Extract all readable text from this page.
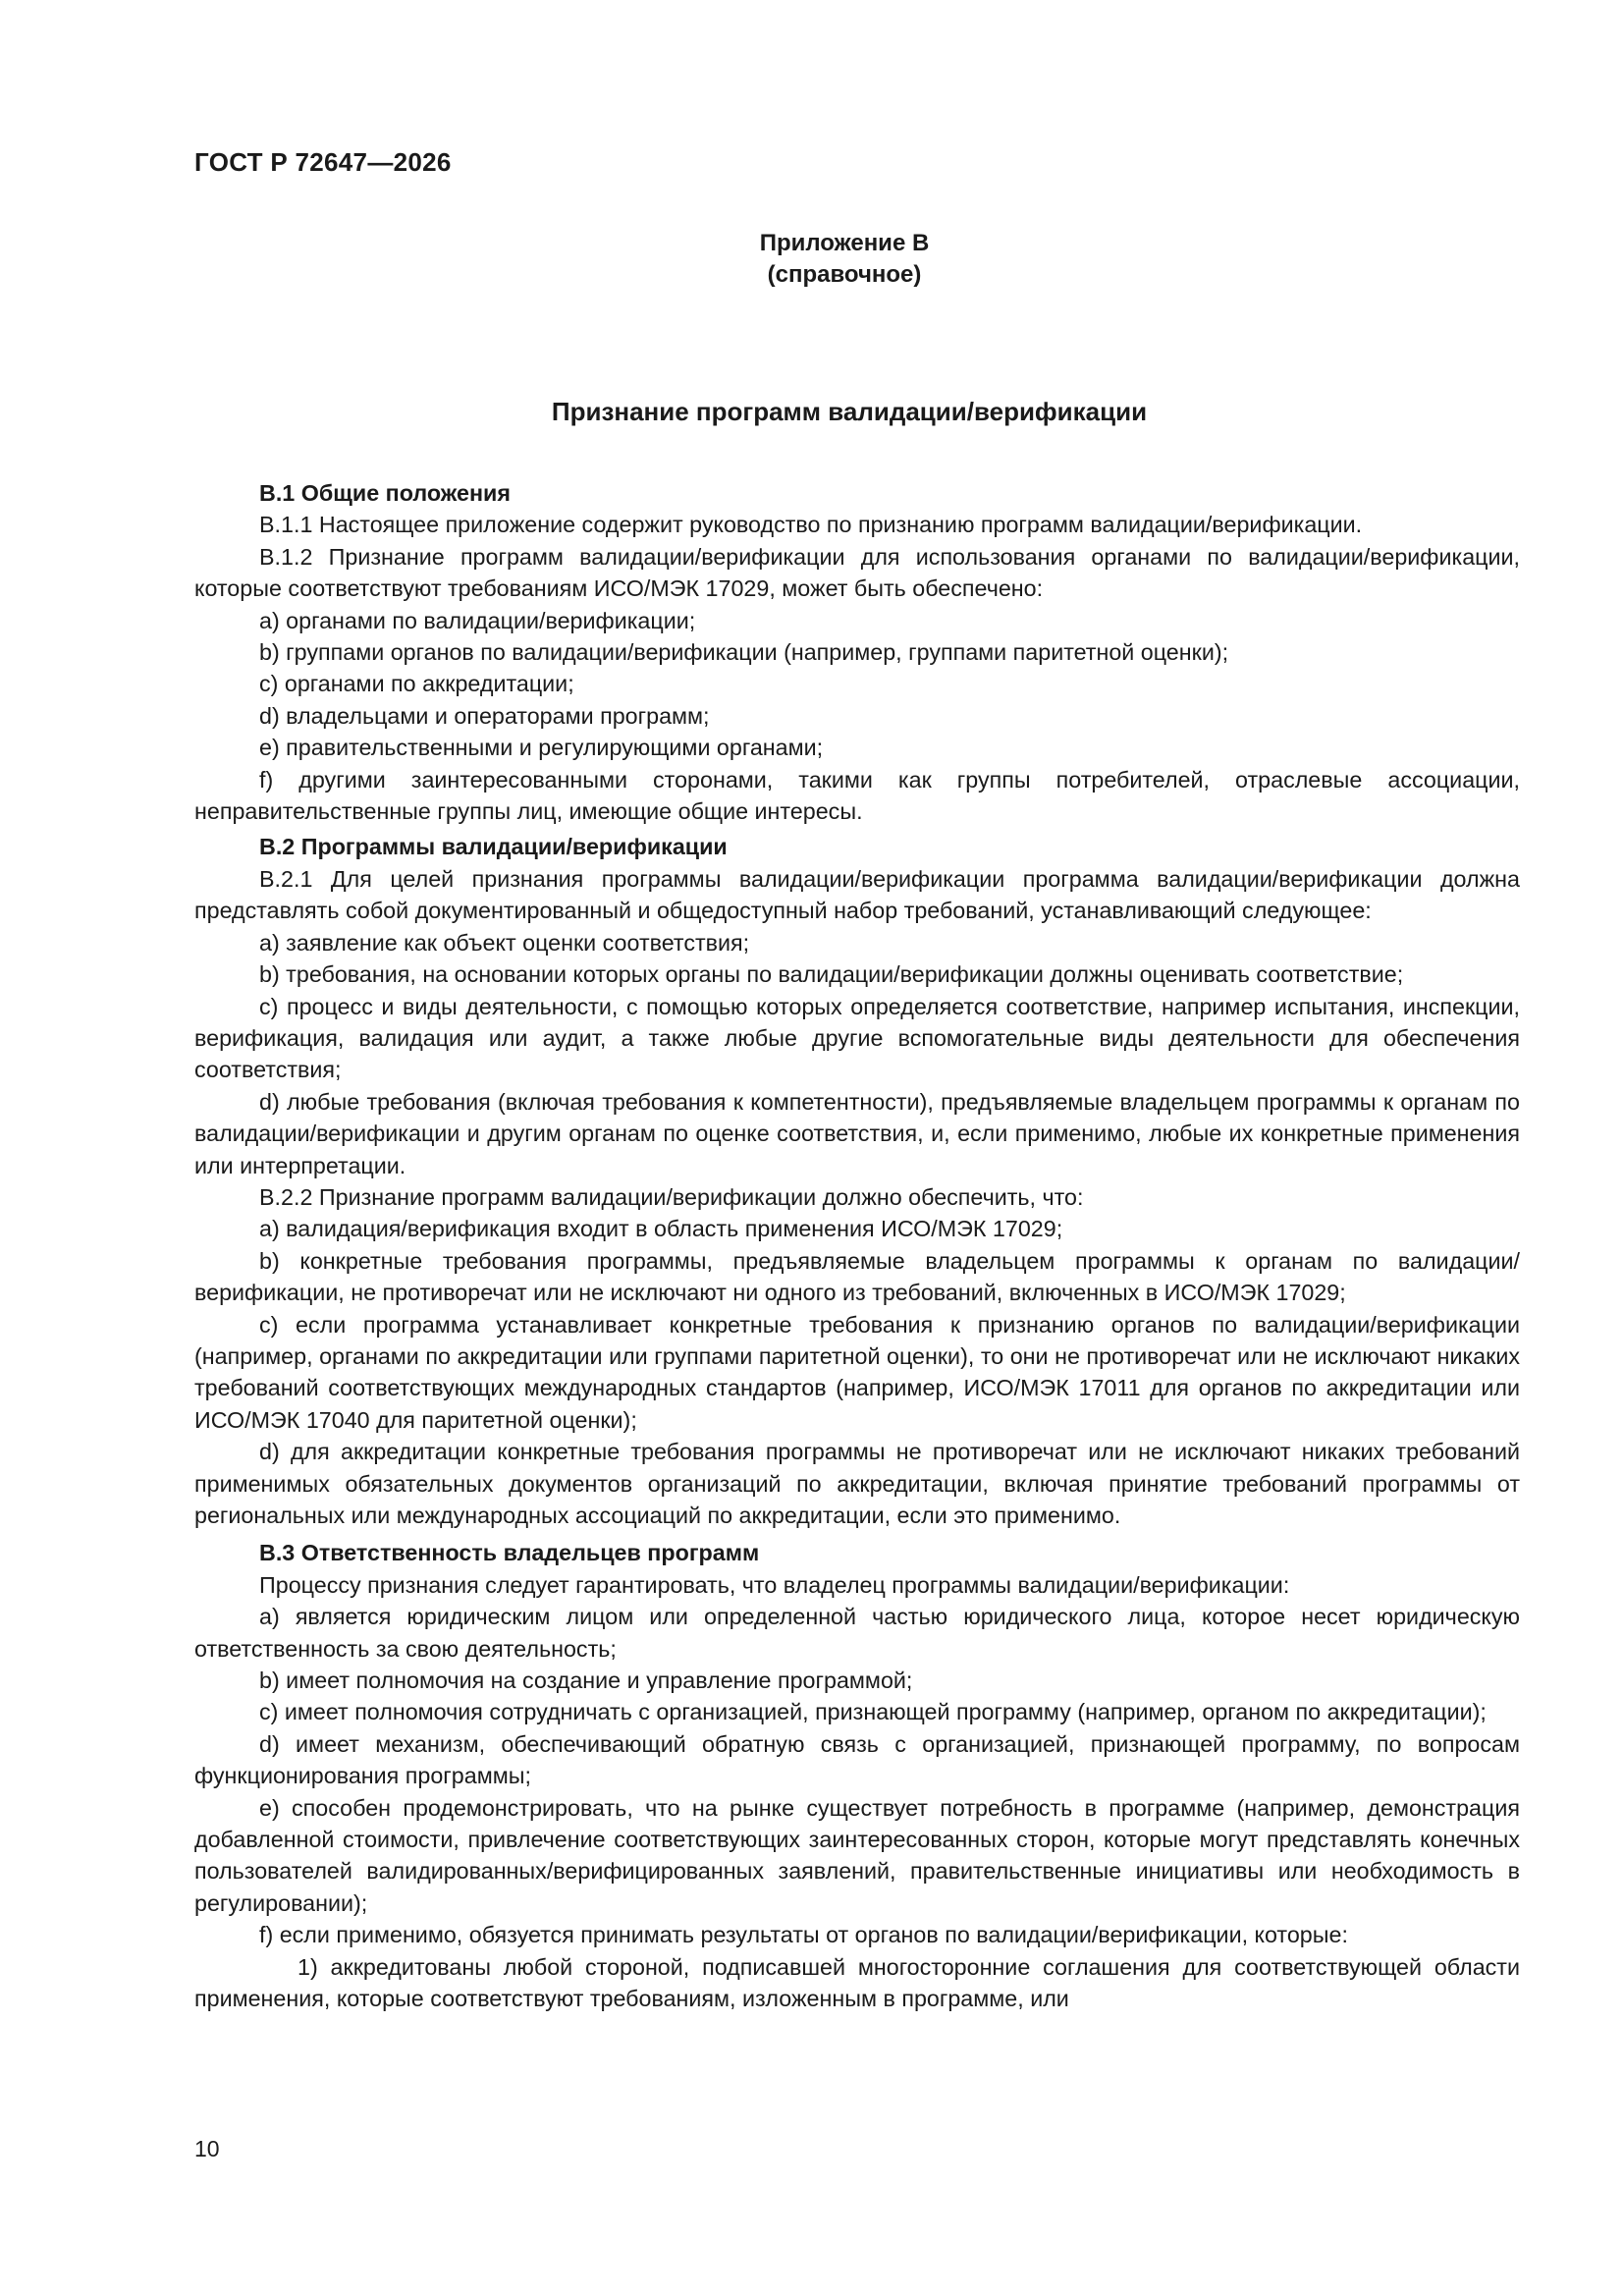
ГОСТ Р 72647—2026
Приложение В
(справочное)
Признание программ валидации/верификации
В.1 Общие положения

В.1.1 Настоящее приложение содержит руководство по признанию программ валидации/верификации.

В.1.2 Признание программ валидации/верификации для использования органами по валидации/верификации, которые соответствуют требованиям ИСО/МЭК 17029, может быть обеспечено:

a) органами по валидации/верификации;

b) группами органов по валидации/верификации (например, группами паритетной оценки);

c) органами по аккредитации;

d) владельцами и операторами программ;

e) правительственными и регулирующими органами;

f) другими заинтересованными сторонами, такими как группы потребителей, отраслевые ассоциации, неправительственные группы лиц, имеющие общие интересы.

В.2 Программы валидации/верификации

В.2.1 Для целей признания программы валидации/верификации программа валидации/верификации должна представлять собой документированный и общедоступный набор требований, устанавливающий следующее:

a) заявление как объект оценки соответствия;

b) требования, на основании которых органы по валидации/верификации должны оценивать соответствие;

c) процесс и виды деятельности, с помощью которых определяется соответствие, например испытания, инспекции, верификация, валидация или аудит, а также любые другие вспомогательные виды деятельности для обеспечения соответствия;

d) любые требования (включая требования к компетентности), предъявляемые владельцем программы к органам по валидации/верификации и другим органам по оценке соответствия, и, если применимо, любые их конкретные применения или интерпретации.

В.2.2 Признание программ валидации/верификации должно обеспечить, что:

a) валидация/верификация входит в область применения ИСО/МЭК 17029;

b) конкретные требования программы, предъявляемые владельцем программы к органам по валидации/верификации, не противоречат или не исключают ни одного из требований, включенных в ИСО/МЭК 17029;

c) если программа устанавливает конкретные требования к признанию органов по валидации/верификации (например, органами по аккредитации или группами паритетной оценки), то они не противоречат или не исключают никаких требований соответствующих международных стандартов (например, ИСО/МЭК 17011 для органов по аккредитации или ИСО/МЭК 17040 для паритетной оценки);

d) для аккредитации конкретные требования программы не противоречат или не исключают никаких требований применимых обязательных документов организаций по аккредитации, включая принятие требований программы от региональных или международных ассоциаций по аккредитации, если это применимо.

В.3 Ответственность владельцев программ

Процессу признания следует гарантировать, что владелец программы валидации/верификации:

a) является юридическим лицом или определенной частью юридического лица, которое несет юридическую ответственность за свою деятельность;

b) имеет полномочия на создание и управление программой;

c) имеет полномочия сотрудничать с организацией, признающей программу (например, органом по аккредитации);

d) имеет механизм, обеспечивающий обратную связь с организацией, признающей программу, по вопросам функционирования программы;

e) способен продемонстрировать, что на рынке существует потребность в программе (например, демонстрация добавленной стоимости, привлечение соответствующих заинтересованных сторон, которые могут представлять конечных пользователей валидированных/верифицированных заявлений, правительственные инициативы или необходимость в регулировании);

f) если применимо, обязуется принимать результаты от органов по валидации/верификации, которые:

1) аккредитованы любой стороной, подписавшей многосторонние соглашения для соответствующей области применения, которые соответствуют требованиям, изложенным в программе, или

10
